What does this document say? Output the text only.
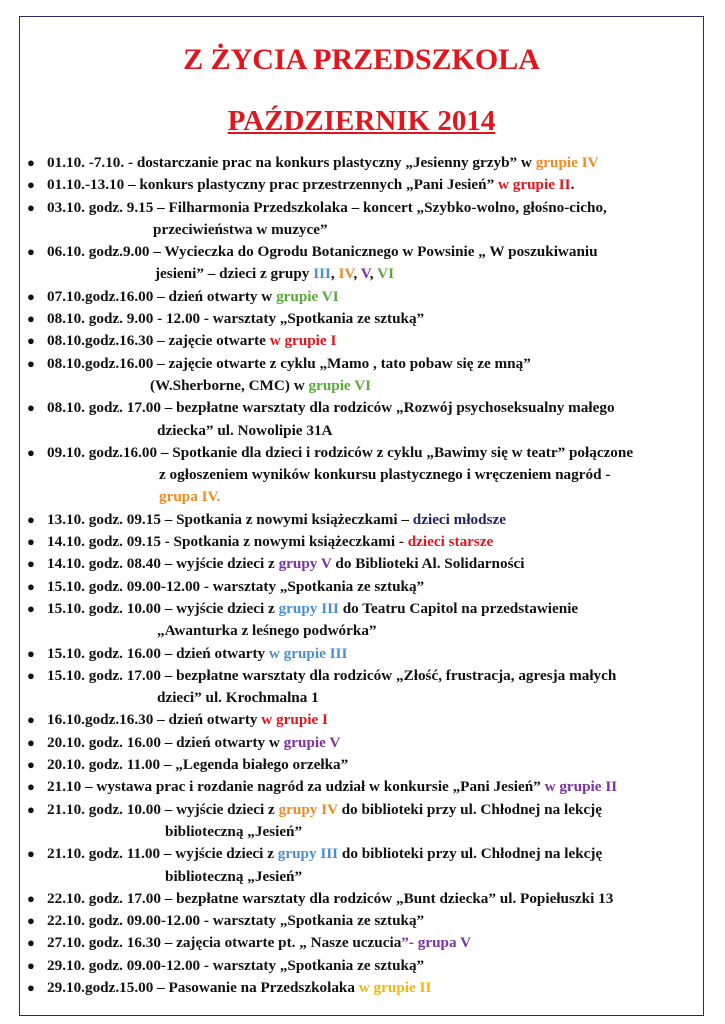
Z ŻYCIA PRZEDSZKOLA
PAŹDZIERNIK 2014
● 01.10. -7.10. - dostarczanie prac na konkurs plastyczny „Jesienny grzyb” w grupie IV
● 01.10.-13.10 – konkurs plastyczny prac przestrzennych „Pani Jesień” w grupie II.
● 03.10. godz. 9.15 – Filharmonia Przedszkolaka – koncert „Szybko-wolno, głośno-cicho,
przeciwieństwa w muzyce”
● 06.10. godz.9.00 – Wycieczka do Ogrodu Botanicznego w Powsinie „ W poszukiwaniu
jesieni” – dzieci z grupy III, IV, V, VI
● 07.10.godz.16.00 – dzień otwarty w grupie VI
● 08.10. godz. 9.00 - 12.00 - warsztaty „Spotkania ze sztuką”
● 08.10.godz.16.30 – zajęcie otwarte w grupie I
● 08.10.godz.16.00 – zajęcie otwarte z cyklu „Mamo , tato pobaw się ze mną”
(W.Sherborne, CMC) w grupie VI
● 08.10. godz. 17.00 – bezpłatne warsztaty dla rodziców „Rozwój psychoseksualny małego
dziecka” ul. Nowolipie 31A
● 09.10. godz.16.00 – Spotkanie dla dzieci i rodziców z cyklu „Bawimy się w teatr” połączone
z ogłoszeniem wyników konkursu plastycznego i wręczeniem nagród -
grupa IV.
● 13.10. godz. 09.15 – Spotkania z nowymi książeczkami – dzieci młodsze
● 14.10. godz. 09.15 - Spotkania z nowymi książeczkami - dzieci starsze
● 14.10. godz. 08.40 – wyjście dzieci z grupy V do Biblioteki Al. Solidarności
● 15.10. godz. 09.00-12.00 - warsztaty „Spotkania ze sztuką”
● 15.10. godz. 10.00 – wyjście dzieci z grupy III do Teatru Capitol na przedstawienie
„Awanturka z leśnego podwórka”
● 15.10. godz. 16.00 – dzień otwarty w grupie III
● 15.10. godz. 17.00 – bezpłatne warsztaty dla rodziców „Złość, frustracja, agresja małych
dzieci” ul. Krochmalna 1
● 16.10.godz.16.30 – dzień otwarty w grupie I
● 20.10. godz. 16.00 – dzień otwarty w grupie V
● 20.10. godz. 11.00 – „Legenda białego orzełka”
● 21.10 – wystawa prac i rozdanie nagród za udział w konkursie „Pani Jesień” w grupie II
● 21.10. godz. 10.00 – wyjście dzieci z grupy IV do biblioteki przy ul. Chłodnej na lekcję
biblioteczną „Jesień”
● 21.10. godz. 11.00 – wyjście dzieci z grupy III do biblioteki przy ul. Chłodnej na lekcję
biblioteczną „Jesień”
● 22.10. godz. 17.00 – bezpłatne warsztaty dla rodziców „Bunt dziecka” ul. Popiełuszki 13
● 22.10. godz. 09.00-12.00 - warsztaty „Spotkania ze sztuką”
● 27.10. godz. 16.30 – zajęcia otwarte pt. „ Nasze uczucia”- grupa V
● 29.10. godz. 09.00-12.00 - warsztaty „Spotkania ze sztuką”
● 29.10.godz.15.00 – Pasowanie na Przedszkolaka w grupie II
